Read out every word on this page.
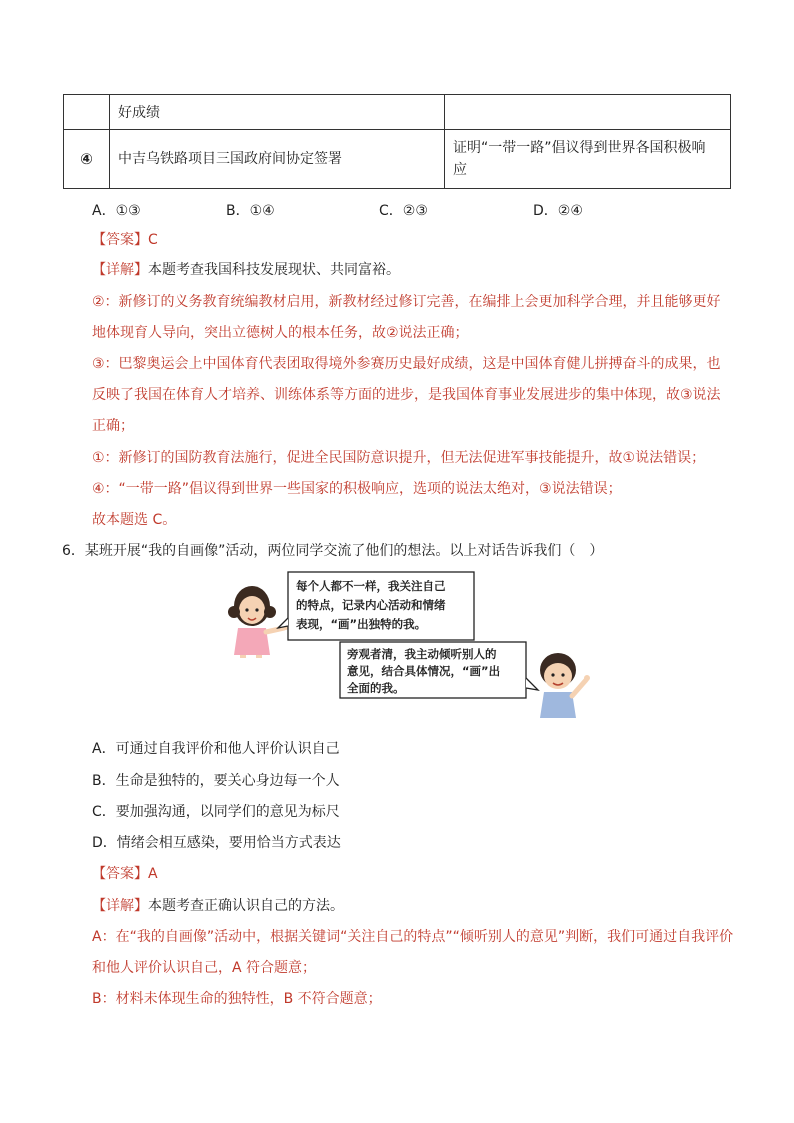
	好成绩	
④	中吉乌铁路项目三国政府间协定签署	证明“一带一路”倡议得到世界各国积极响
应
A．①③	B．①④	C．②③	D．②④
【答案】C
【详解】本题考查我国科技发展现状、共同富裕。
②：新修订的义务教育统编教材启用，新教材经过修订完善，在编排上会更加科学合理，并且能够更好
地体现育人导向，突出立德树人的根本任务，故②说法正确；
③：巴黎奥运会上中国体育代表团取得境外参赛历史最好成绩，这是中国体育健儿拼搏奋斗的成果，也
反映了我国在体育人才培养、训练体系等方面的进步，是我国体育事业发展进步的集中体现，故③说法
正确；
①：新修订的国防教育法施行，促进全民国防意识提升，但无法促进军事技能提升，故①说法错误；
④：“一带一路”倡议得到世界一些国家的积极响应，选项的说法太绝对，③说法错误；
故本题选 C。
6．某班开展“我的自画像”活动，两位同学交流了他们的想法。以上对话告诉我们（　）
每个人都不一样，我关注自己
的特点，记录内心活动和情绪
表现，“画”出独特的我。
旁观者清，我主动倾听别人的
意见，结合具体情况，“画”出
全面的我。
A．可通过自我评价和他人评价认识自己
B．生命是独特的，要关心身边每一个人
C．要加强沟通，以同学们的意见为标尺
D．情绪会相互感染，要用恰当方式表达
【答案】A
【详解】本题考查正确认识自己的方法。
A：在“我的自画像”活动中，根据关键词“关注自己的特点”“倾听别人的意见”判断，我们可通过自我评价
和他人评价认识自己，A 符合题意；
B：材料未体现生命的独特性，B 不符合题意；
